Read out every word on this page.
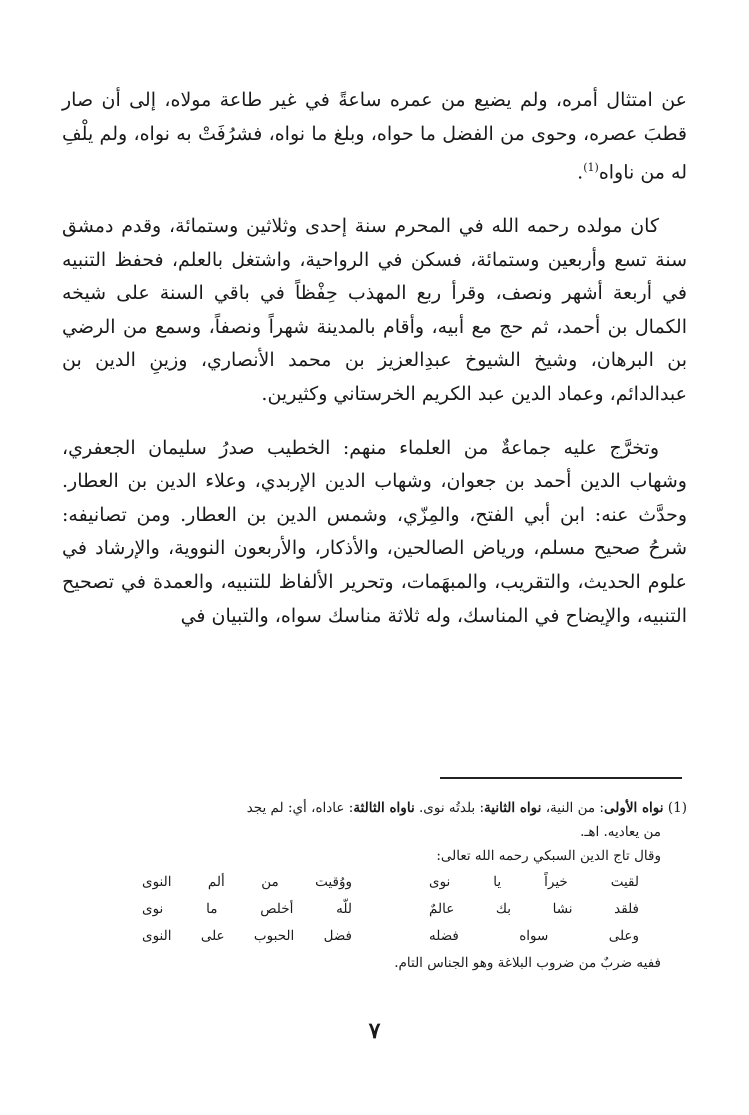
عن امتثال أمره، ولم يضيع من عمره ساعةً في غير طاعة مولاه، إلى أن صار قطبَ عصره، وحوى من الفضل ما حواه، وبلغ ما نواه، فشرُفَتْ به نواه، ولم يلْفِ له من ناواه$^{(1)}$.

كان مولده رحمه الله في المحرم سنة إحدى وثلاثين وستمائة، وقدم دمشق سنة تسع وأربعين وستمائة، فسكن في الرواحية، واشتغل بالعلم، فحفظ التنبيه في أربعة أشهر ونصف، وقرأ ربع المهذب حِفْظاً في باقي السنة على شيخه الكمال بن أحمد، ثم حج مع أبيه، وأقام بالمدينة شهراً ونصفاً، وسمع من الرضي بن البرهان، وشيخ الشيوخ عبدِالعزيز بن محمد الأنصاري، وزينِ الدين بن عبدالدائم، وعماد الدين عبد الكريم الخرستاني وكثيرين.

وتخرَّج عليه جماعةٌ من العلماء منهم: الخطيب صدرُ سليمان الجعفري، وشهاب الدين أحمد بن جعوان، وشهاب الدين الإربدي، وعلاء الدين بن العطار. وحدَّث عنه: ابن أبي الفتح، والمِزّي، وشمس الدين بن العطار. ومن تصانيفه: شرحُ صحيح مسلم، ورياض الصالحين، والأذكار، والأربعون النووية، والإرشاد في علوم الحديث، والتقريب، والمبهَمات، وتحرير الألفاظ للتنبيه، والعمدة في تصحيح التنبيه، والإيضاح في المناسك، وله ثلاثة مناسك سواه، والتبيان في

(1) نواه الأولى: من النية، نواه الثانية: بلدتُه نوى. ناواه الثالثة: عاداه، أي: لم يجد

من يعاديه. اهـ.

وقال تاج الدين السبكي رحمه الله تعالى:

لقيت خيراً يا نوى
ووُقيت من ألم النوى
فلقد نشا بك عالمٌ
للّه أخلص ما نوى
وعلى سواه فضله
فضل الحبوب على النوى

ففيه ضربٌ من ضروب البلاغة وهو الجناس التام.

٧
